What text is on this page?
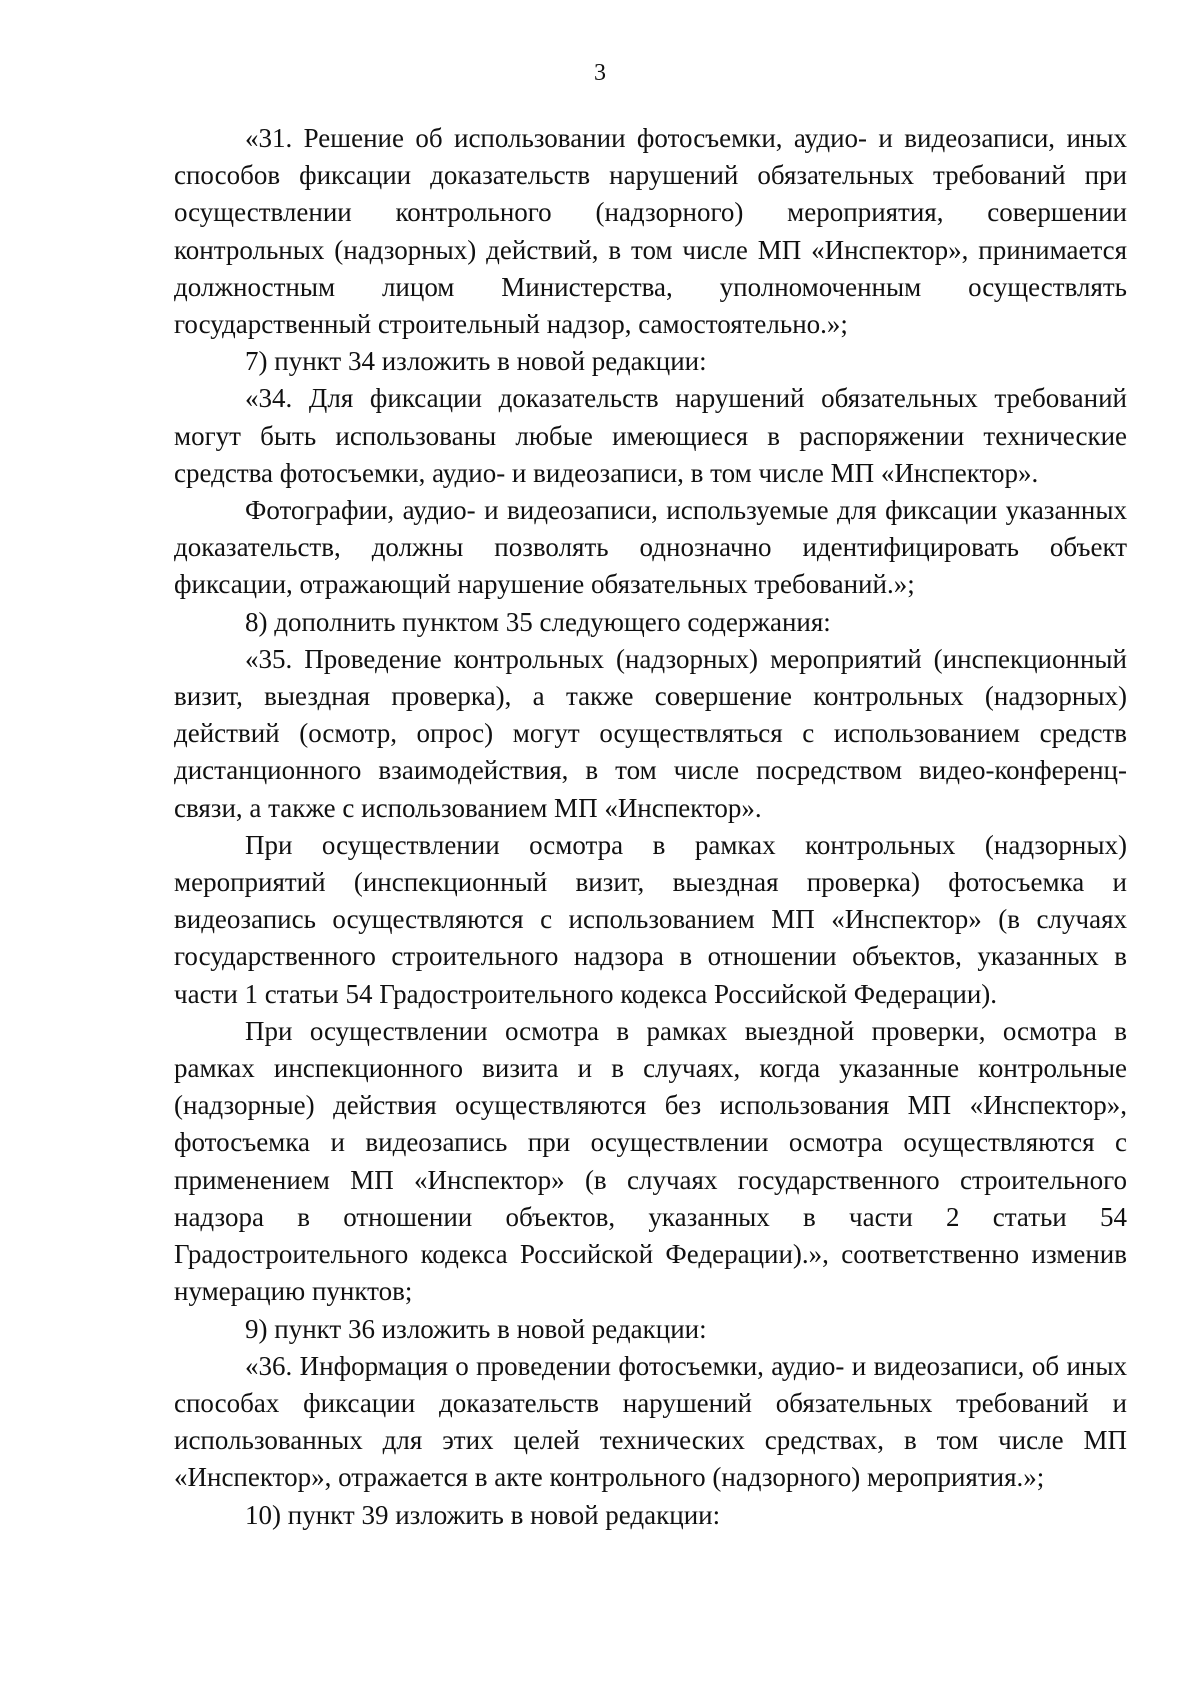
3

«31. Решение об использовании фотосъемки, аудио- и видеозаписи, иных способов фиксации доказательств нарушений обязательных требований при осуществлении контрольного (надзорного) мероприятия, совершении контрольных (надзорных) действий, в том числе МП «Инспектор», принимается должностным лицом Министерства, уполномоченным осуществлять государственный строительный надзор, самостоятельно.»;

7) пункт 34 изложить в новой редакции:

«34. Для фиксации доказательств нарушений обязательных требований могут быть использованы любые имеющиеся в распоряжении технические средства фотосъемки, аудио- и видеозаписи, в том числе МП «Инспектор».

Фотографии, аудио- и видеозаписи, используемые для фиксации указанных доказательств, должны позволять однозначно идентифицировать объект фиксации, отражающий нарушение обязательных требований.»;

8) дополнить пунктом 35 следующего содержания:

«35. Проведение контрольных (надзорных) мероприятий (инспекционный визит, выездная проверка), а также совершение контрольных (надзорных) действий (осмотр, опрос) могут осуществляться с использованием средств дистанционного взаимодействия, в том числе посредством видео-конференц-связи, а также с использованием МП «Инспектор».

При осуществлении осмотра в рамках контрольных (надзорных) мероприятий (инспекционный визит, выездная проверка) фотосъемка и видеозапись осуществляются с использованием МП «Инспектор» (в случаях государственного строительного надзора в отношении объектов, указанных в части 1 статьи 54 Градостроительного кодекса Российской Федерации).

При осуществлении осмотра в рамках выездной проверки, осмотра в рамках инспекционного визита и в случаях, когда указанные контрольные (надзорные) действия осуществляются без использования МП «Инспектор», фотосъемка и видеозапись при осуществлении осмотра осуществляются с применением МП «Инспектор» (в случаях государственного строительного надзора в отношении объектов, указанных в части 2 статьи 54 Градостроительного кодекса Российской Федерации).», соответственно изменив нумерацию пунктов;

9) пункт 36 изложить в новой редакции:

«36. Информация о проведении фотосъемки, аудио- и видеозаписи, об иных способах фиксации доказательств нарушений обязательных требований и использованных для этих целей технических средствах, в том числе МП «Инспектор», отражается в акте контрольного (надзорного) мероприятия.»;

10) пункт 39 изложить в новой редакции:
